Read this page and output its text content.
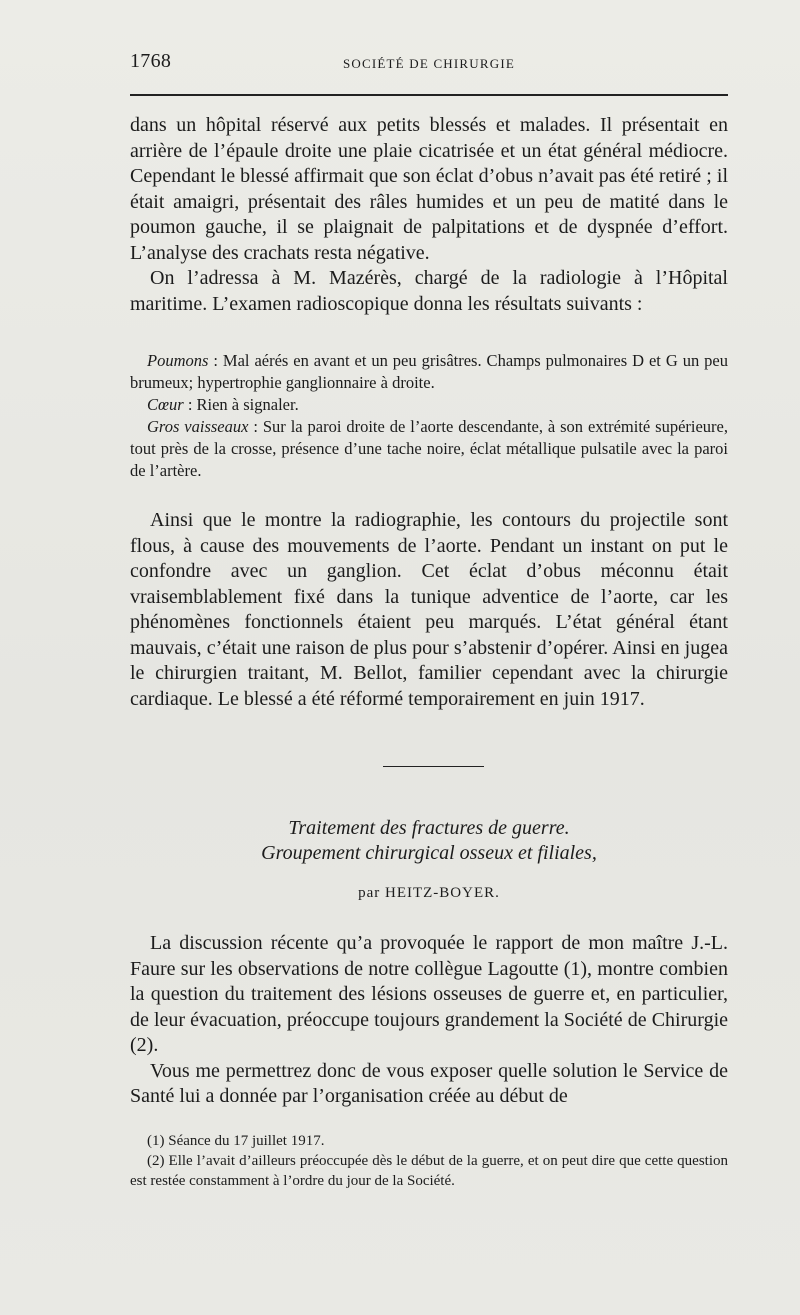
1768	SOCIÉTÉ DE CHIRURGIE

dans un hôpital réservé aux petits blessés et malades. Il présentait en arrière de l’épaule droite une plaie cicatrisée et un état général médiocre. Cependant le blessé affirmait que son éclat d’obus n’avait pas été retiré ; il était amaigri, présentait des râles humides et un peu de matité dans le poumon gauche, il se plaignait de palpitations et de dyspnée d’effort. L’analyse des crachats resta négative.

On l’adressa à M. Mazérès, chargé de la radiologie à l’Hôpital maritime. L’examen radioscopique donna les résultats suivants :

Poumons : Mal aérés en avant et un peu grisâtres. Champs pulmonaires D et G un peu brumeux; hypertrophie ganglionnaire à droite.

Cœur : Rien à signaler.

Gros vaisseaux : Sur la paroi droite de l’aorte descendante, à son extrémité supérieure, tout près de la crosse, présence d’une tache noire, éclat métallique pulsatile avec la paroi de l’artère.

Ainsi que le montre la radiographie, les contours du projectile sont flous, à cause des mouvements de l’aorte. Pendant un instant on put le confondre avec un ganglion. Cet éclat d’obus méconnu était vraisemblablement fixé dans la tunique adventice de l’aorte, car les phénomènes fonctionnels étaient peu marqués. L’état général étant mauvais, c’était une raison de plus pour s’abstenir d’opérer. Ainsi en jugea le chirurgien traitant, M. Bellot, familier cependant avec la chirurgie cardiaque. Le blessé a été réformé temporairement en juin 1917.

Traitement des fractures de guerre.

Groupement chirurgical osseux et filiales,

par HEITZ-BOYER.

La discussion récente qu’a provoquée le rapport de mon maître J.-L. Faure sur les observations de notre collègue Lagoutte (1), montre combien la question du traitement des lésions osseuses de guerre et, en particulier, de leur évacuation, préoccupe toujours grandement la Société de Chirurgie (2).

Vous me permettrez donc de vous exposer quelle solution le Service de Santé lui a donnée par l’organisation créée au début de

(1) Séance du 17 juillet 1917.

(2) Elle l’avait d’ailleurs préoccupée dès le début de la guerre, et on peut dire que cette question est restée constamment à l’ordre du jour de la Société.
